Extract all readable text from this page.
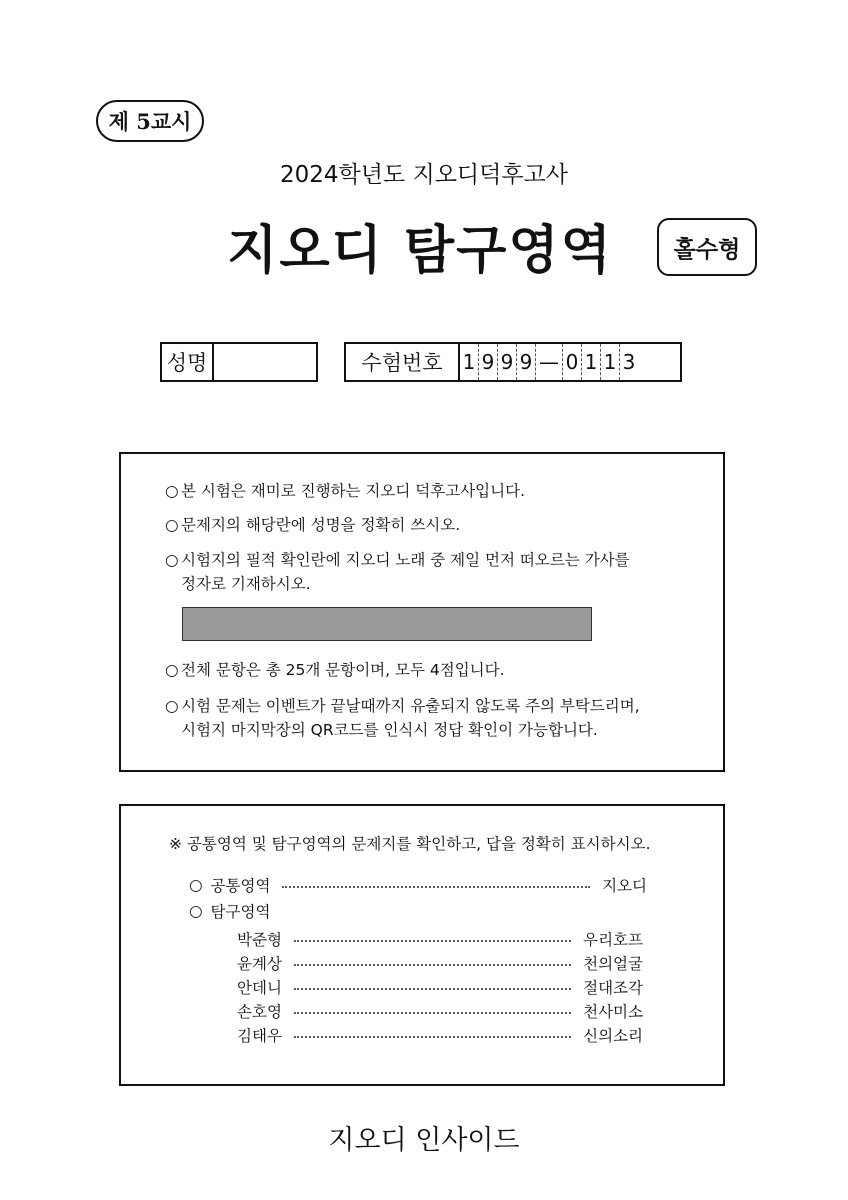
제 5교시
2024학년도 지오디덕후고사
지오디 탐구영역	홀수형
성명	수험번호	1 9 9 9 — 0 1 1 3
○ 본 시험은 재미로 진행하는 지오디 덕후고사입니다.
○ 문제지의 해당란에 성명을 정확히 쓰시오.
○ 시험지의 필적 확인란에 지오디 노래 중 제일 먼저 떠오르는 가사를
정자로 기재하시오.
○ 전체 문항은 총 25개 문항이며, 모두 4점입니다.
○ 시험 문제는 이벤트가 끝날때까지 유출되지 않도록 주의 부탁드리며,
시험지 마지막장의 QR코드를 인식시 정답 확인이 가능합니다.
※ 공통영역 및 탐구영역의 문제지를 확인하고, 답을 정확히 표시하시오.
○ 공통영역	지오디
○ 탐구영역
박준형	우리호프
윤계상	천의얼굴
안데니	절대조각
손호영	천사미소
김태우	신의소리
지오디 인사이드
